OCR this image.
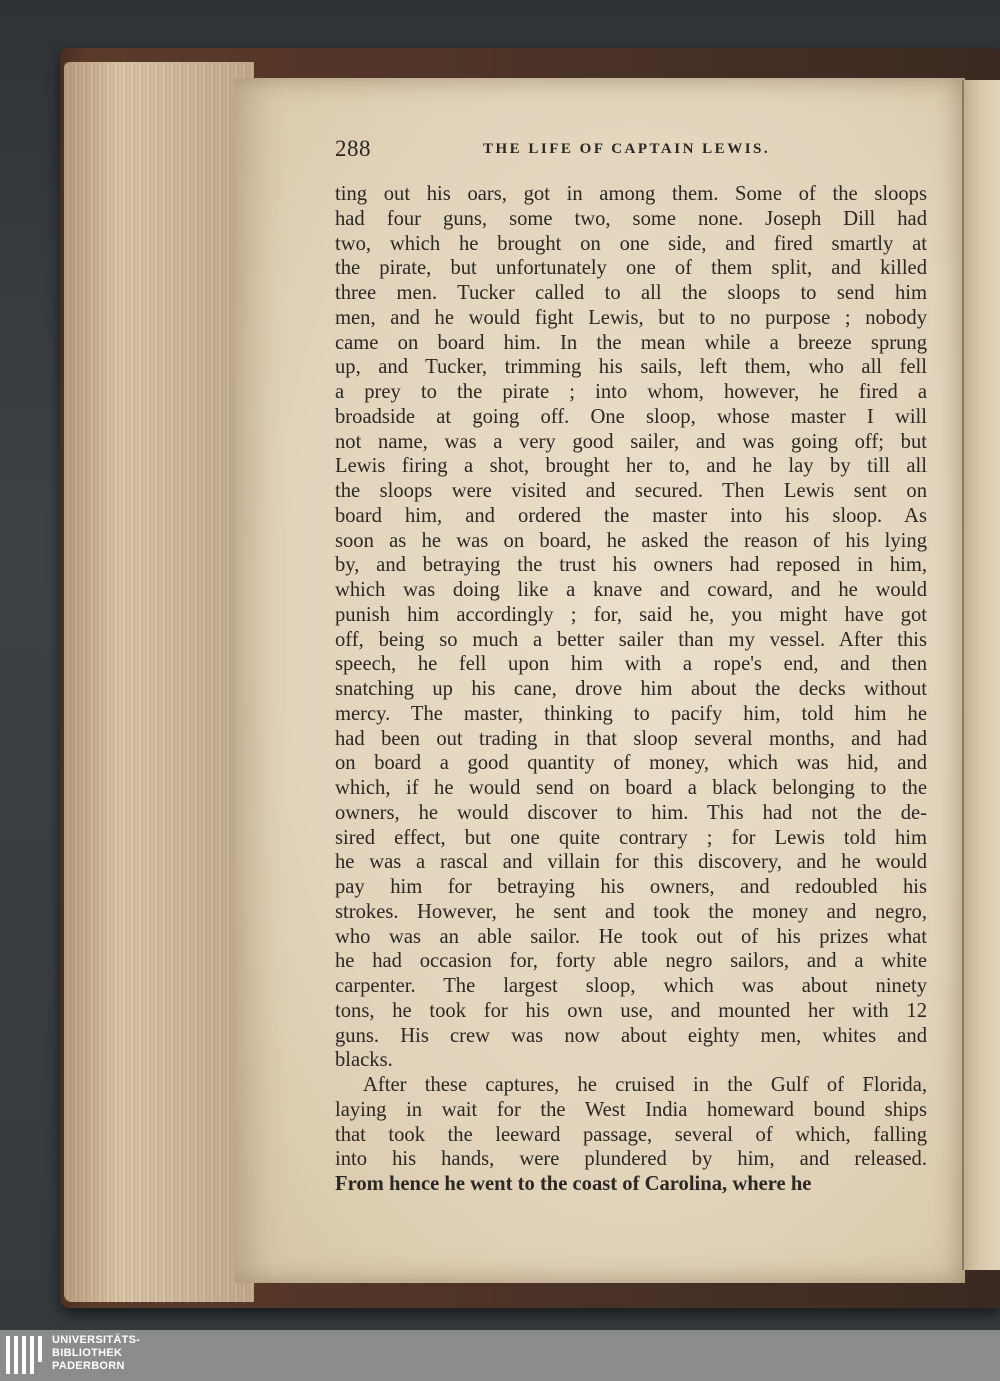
288	THE LIFE OF CAPTAIN LEWIS.
ting out his oars, got in among them. Some of the sloops
had four guns, some two, some none. Joseph Dill had
two, which he brought on one side, and fired smartly at
the pirate, but unfortunately one of them split, and killed
three men. Tucker called to all the sloops to send him
men, and he would fight Lewis, but to no purpose ; nobody
came on board him. In the mean while a breeze sprung
up, and Tucker, trimming his sails, left them, who all fell
a prey to the pirate ; into whom, however, he fired a
broadside at going off. One sloop, whose master I will
not name, was a very good sailer, and was going off; but
Lewis firing a shot, brought her to, and he lay by till all
the sloops were visited and secured. Then Lewis sent on
board him, and ordered the master into his sloop. As
soon as he was on board, he asked the reason of his lying
by, and betraying the trust his owners had reposed in him,
which was doing like a knave and coward, and he would
punish him accordingly ; for, said he, you might have got
off, being so much a better sailer than my vessel. After this
speech, he fell upon him with a rope's end, and then
snatching up his cane, drove him about the decks without
mercy. The master, thinking to pacify him, told him he
had been out trading in that sloop several months, and had
on board a good quantity of money, which was hid, and
which, if he would send on board a black belonging to the
owners, he would discover to him. This had not the de-
sired effect, but one quite contrary ; for Lewis told him
he was a rascal and villain for this discovery, and he would
pay him for betraying his owners, and redoubled his
strokes. However, he sent and took the money and negro,
who was an able sailor. He took out of his prizes what
he had occasion for, forty able negro sailors, and a white
carpenter. The largest sloop, which was about ninety
tons, he took for his own use, and mounted her with 12
guns. His crew was now about eighty men, whites and
blacks.
After these captures, he cruised in the Gulf of Florida,
laying in wait for the West India homeward bound ships
that took the leeward passage, several of which, falling
into his hands, were plundered by him, and released.
From hence he went to the coast of Carolina, where he
UNIVERSITÄTS-
BIBLIOTHEK
PADERBORN
